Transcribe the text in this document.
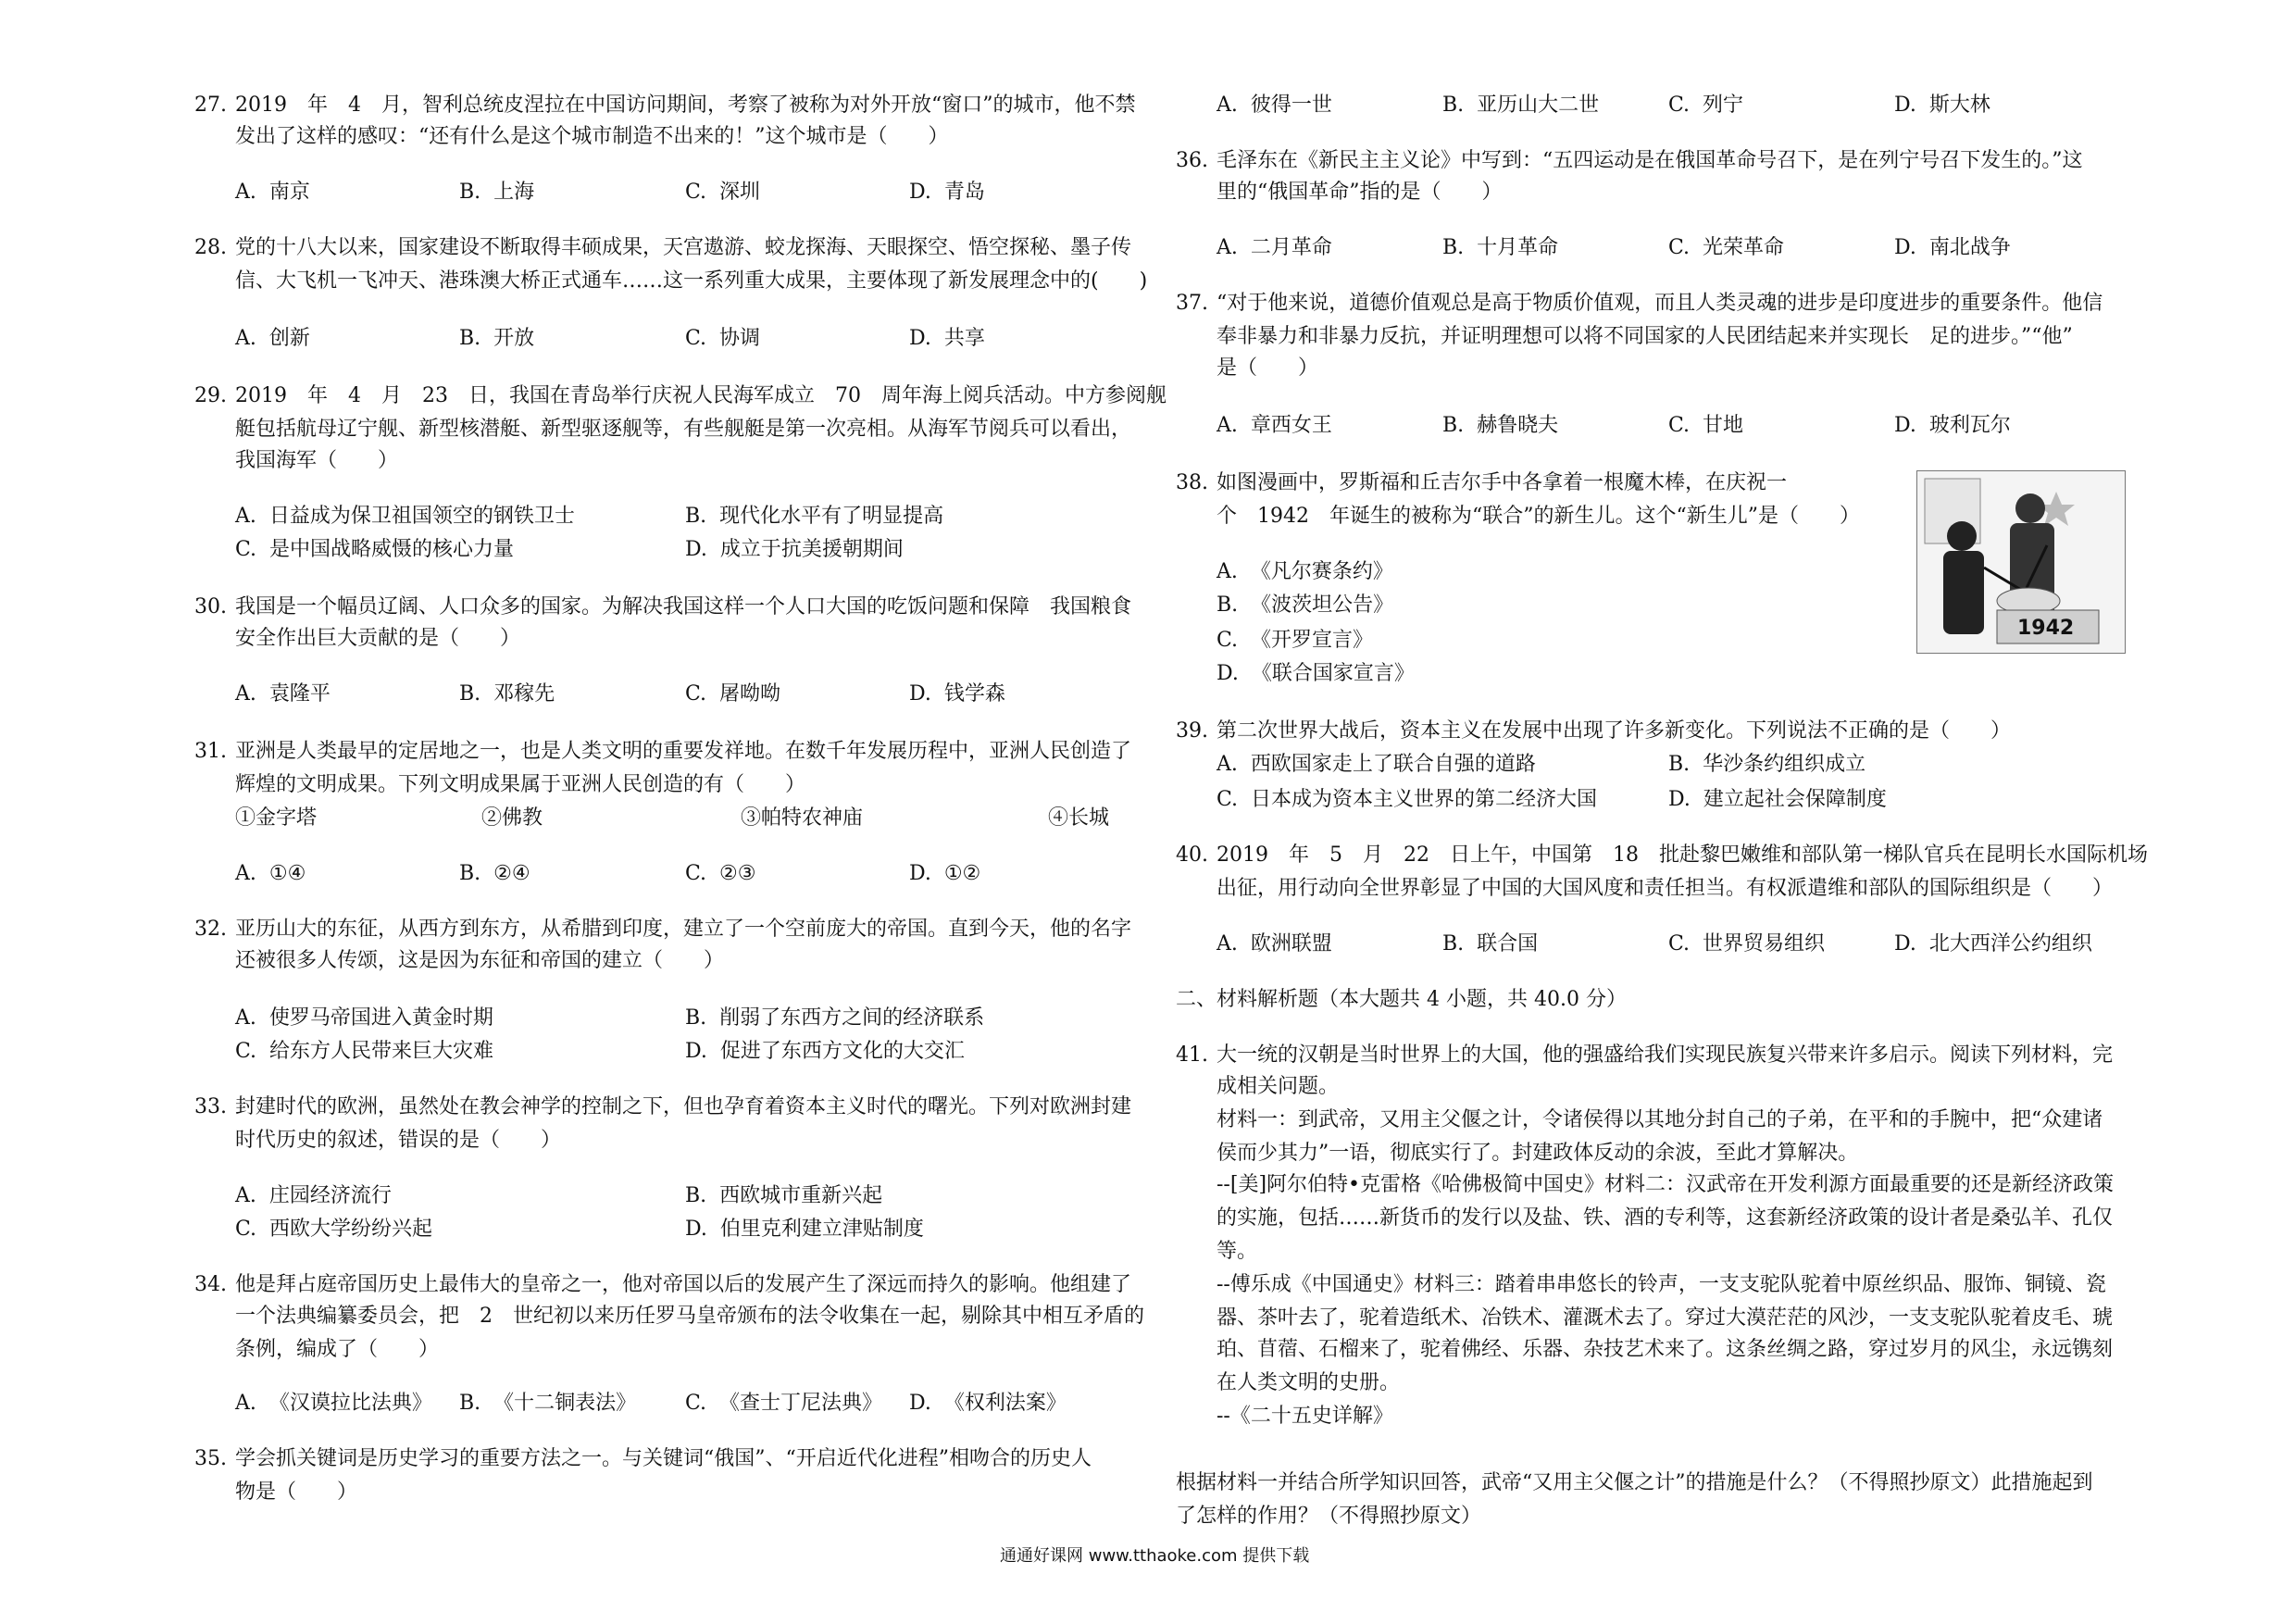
27. 2019　年　4　月，智利总统皮涅拉在中国访问期间，考察了被称为对外开放“窗口”的城市，他不禁
发出了这样的感叹：“还有什么是这个城市制造不出来的！”这个城市是（　　）
A.  南京	B.  上海	C.  深圳	D.  青岛
28. 党的十八大以来，国家建设不断取得丰硕成果，天宫遨游、蛟龙探海、天眼探空、悟空探秘、墨子传
信、大飞机一飞冲天、港珠澳大桥正式通车……这一系列重大成果，主要体现了新发展理念中的(　　)
A.  创新	B.  开放	C.  协调	D.  共享
29. 2019　年　4　月　23　日，我国在青岛举行庆祝人民海军成立　70　周年海上阅兵活动。中方参阅舰
艇包括航母辽宁舰、新型核潜艇、新型驱逐舰等，有些舰艇是第一次亮相。从海军节阅兵可以看出，
我国海军（　　）
A.  日益成为保卫祖国领空的钢铁卫士	B.  现代化水平有了明显提高
C.  是中国战略威慑的核心力量	D.  成立于抗美援朝期间
30. 我国是一个幅员辽阔、人口众多的国家。为解决我国这样一个人口大国的吃饭问题和保障　我国粮食
安全作出巨大贡献的是（　　）
A.  袁隆平	B.  邓稼先	C.  屠呦呦	D.  钱学森
31. 亚洲是人类最早的定居地之一，也是人类文明的重要发祥地。在数千年发展历程中，亚洲人民创造了
辉煌的文明成果。下列文明成果属于亚洲人民创造的有（　　）
①金字塔	②佛教	③帕特农神庙	④长城
A.  ①④	B.  ②④	C.  ②③	D.  ①②
32. 亚历山大的东征，从西方到东方，从希腊到印度，建立了一个空前庞大的帝国。直到今天，他的名字
还被很多人传颂，这是因为东征和帝国的建立（　　）
A.  使罗马帝国进入黄金时期	B.  削弱了东西方之间的经济联系
C.  给东方人民带来巨大灾难	D.  促进了东西方文化的大交汇
33. 封建时代的欧洲，虽然处在教会神学的控制之下，但也孕育着资本主义时代的曙光。下列对欧洲封建
时代历史的叙述，错误的是（　　）
A.  庄园经济流行	B.  西欧城市重新兴起
C.  西欧大学纷纷兴起	D.  伯里克利建立津贴制度
34. 他是拜占庭帝国历史上最伟大的皇帝之一，他对帝国以后的发展产生了深远而持久的影响。他组建了
一个法典编纂委员会，把　2　世纪初以来历任罗马皇帝颁布的法令收集在一起，剔除其中相互矛盾的
条例，编成了（　　）
A.  《汉谟拉比法典》 B.  《十二铜表法》 C.  《查士丁尼法典》 D.  《权利法案》
35. 学会抓关键词是历史学习的重要方法之一。与关键词“俄国”、“开启近代化进程”相吻合的历史人
物是（　　）
A.  彼得一世	B.  亚历山大二世	C.  列宁	D.  斯大林
36. 毛泽东在《新民主主义论》中写到：“五四运动是在俄国革命号召下，是在列宁号召下发生的。”这
里的“俄国革命”指的是（　　）
A.  二月革命	B.  十月革命	C.  光荣革命	D.  南北战争
37. “对于他来说，道德价值观总是高于物质价值观，而且人类灵魂的进步是印度进步的重要条件。他信
奉非暴力和非暴力反抗，并证明理想可以将不同国家的人民团结起来并实现长　足的进步。”“他”
是（　　）
A.  章西女王	B.  赫鲁晓夫	C.  甘地	D.  玻利瓦尔
38. 如图漫画中，罗斯福和丘吉尔手中各拿着一根魔木棒，在庆祝一
个　1942　年诞生的被称为“联合”的新生儿。这个“新生儿”是（　　）
A.  《凡尔赛条约》
B.  《波茨坦公告》
C.  《开罗宣言》
D.  《联合国家宣言》
39. 第二次世界大战后，资本主义在发展中出现了许多新变化。下列说法不正确的是（　　）
A.  西欧国家走上了联合自强的道路	B.  华沙条约组织成立
C.  日本成为资本主义世界的第二经济大国	D.  建立起社会保障制度
40. 2019　年　5　月　22　日上午，中国第　18　批赴黎巴嫩维和部队第一梯队官兵在昆明长水国际机场
出征，用行动向全世界彰显了中国的大国风度和责任担当。有权派遣维和部队的国际组织是（　　）
A.  欧洲联盟	B.  联合国	C.  世界贸易组织	D.  北大西洋公约组织
二、材料解析题（本大题共 4 小题，共 40.0 分）
41. 大一统的汉朝是当时世界上的大国，他的强盛给我们实现民族复兴带来许多启示。阅读下列材料，完
成相关问题。
材料一：到武帝，又用主父偃之计，令诸侯得以其地分封自己的子弟，在平和的手腕中，把“众建诸
侯而少其力”一语，彻底实行了。封建政体反动的余波，至此才算解决。
--[美]阿尔伯特•克雷格《哈佛极简中国史》材料二：汉武帝在开发利源方面最重要的还是新经济政策
的实施，包括……新货币的发行以及盐、铁、酒的专利等，这套新经济政策的设计者是桑弘羊、孔仅
等。
--傅乐成《中国通史》材料三：踏着串串悠长的铃声，一支支驼队驼着中原丝织品、服饰、铜镜、瓷
器、茶叶去了，驼着造纸术、冶铁术、灌溉术去了。穿过大漠茫茫的风沙，一支支驼队驼着皮毛、琥
珀、苜蓿、石榴来了，驼着佛经、乐器、杂技艺术来了。这条丝绸之路，穿过岁月的风尘，永远镌刻
在人类文明的史册。
--《二十五史详解》
根据材料一并结合所学知识回答，武帝“又用主父偃之计”的措施是什么？（不得照抄原文）此措施起到
了怎样的作用？（不得照抄原文）
1942
通通好课网 www.tthaoke.com 提供下载
